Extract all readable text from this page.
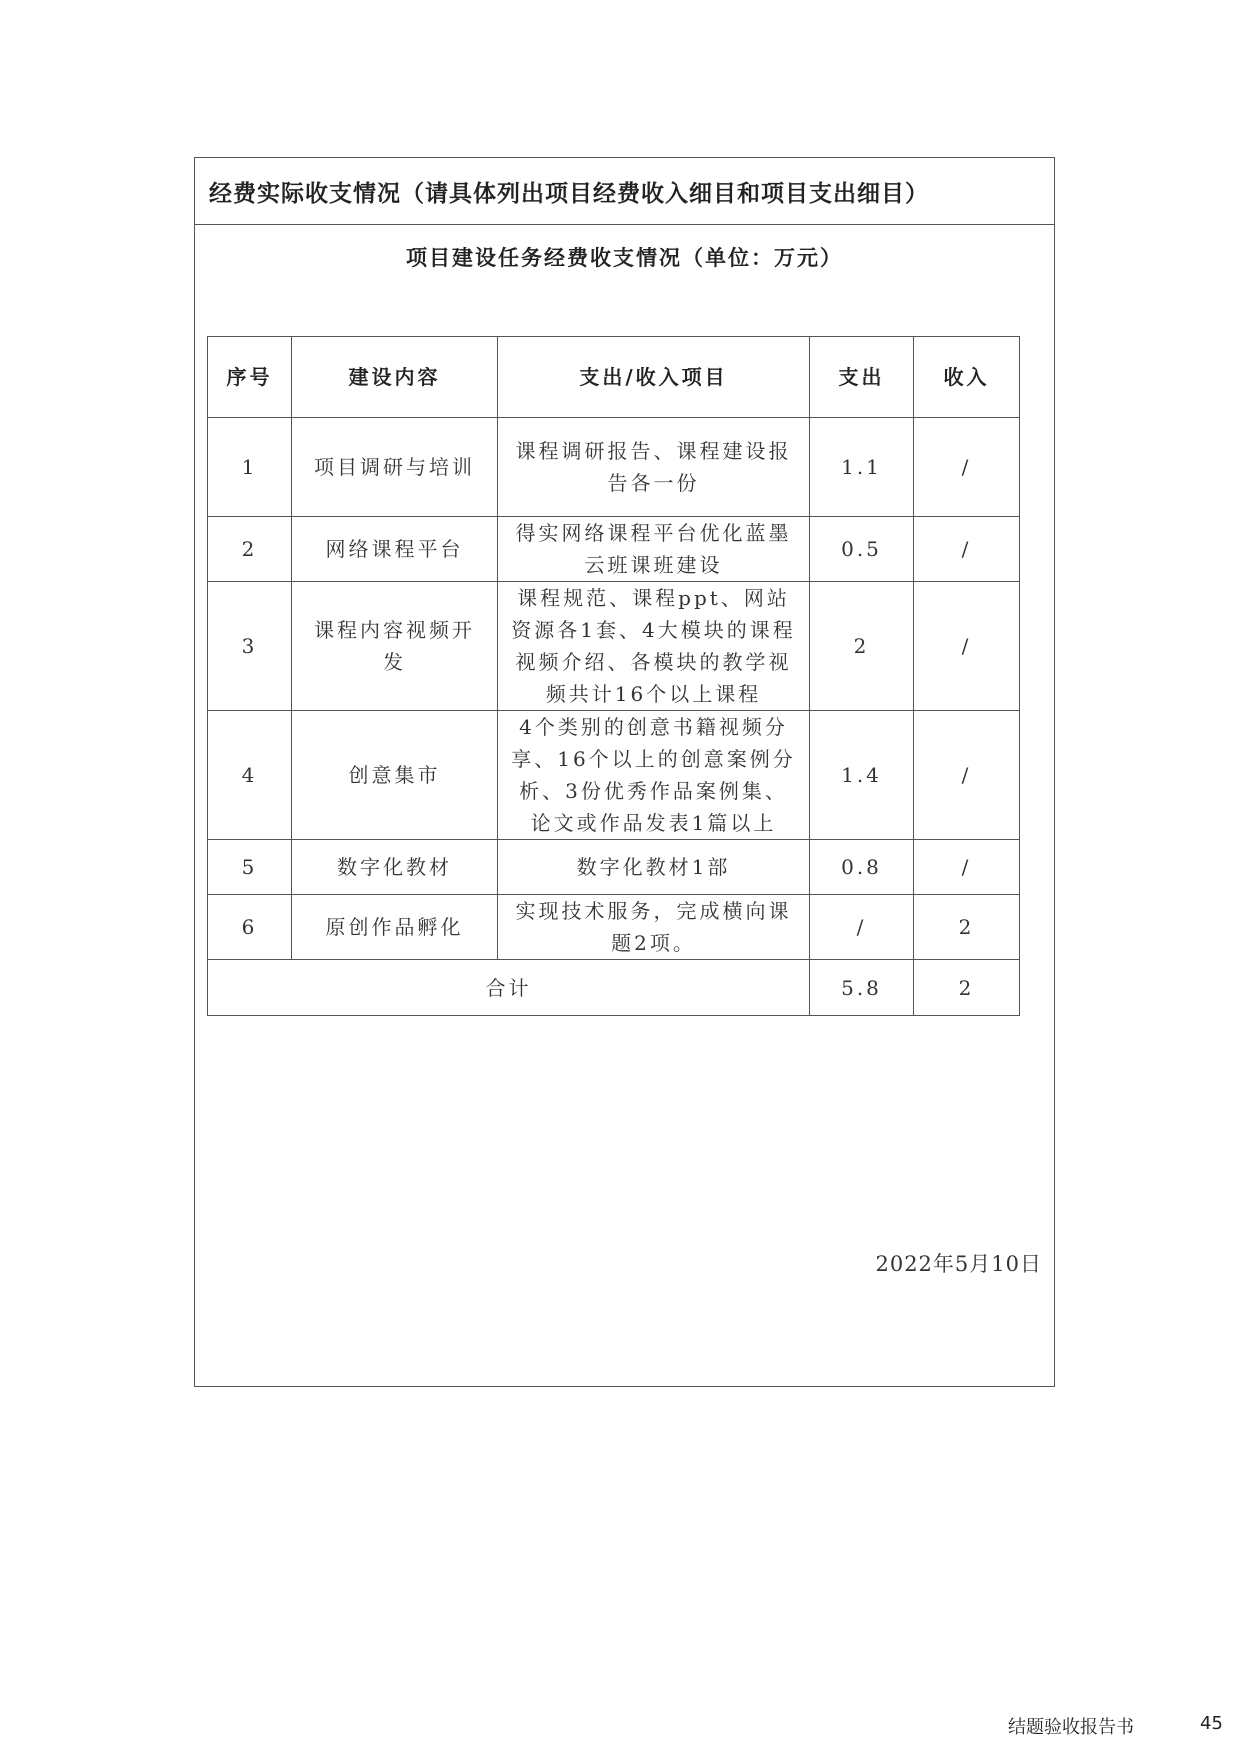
经费实际收支情况（请具体列出项目经费收入细目和项目支出细目）
项目建设任务经费收支情况（单位：万元）
序号	建设内容	支出/收入项目	支出	收入
1	项目调研与培训	课程调研报告、课程建设报告各一份	1.1	/
2	网络课程平台	得实网络课程平台优化蓝墨云班课班建设	0.5	/
3	课程内容视频开发	课程规范、课程ppt、网站资源各1套、4大模块的课程视频介绍、各模块的教学视频共计16个以上课程	2	/
4	创意集市	4个类别的创意书籍视频分享、16个以上的创意案例分析、3份优秀作品案例集、论文或作品发表1篇以上	1.4	/
5	数字化教材	数字化教材1部	0.8	/
6	原创作品孵化	实现技术服务，完成横向课题2项。	/	2
合计			5.8	2
2022年5月10日
结题验收报告书	45
